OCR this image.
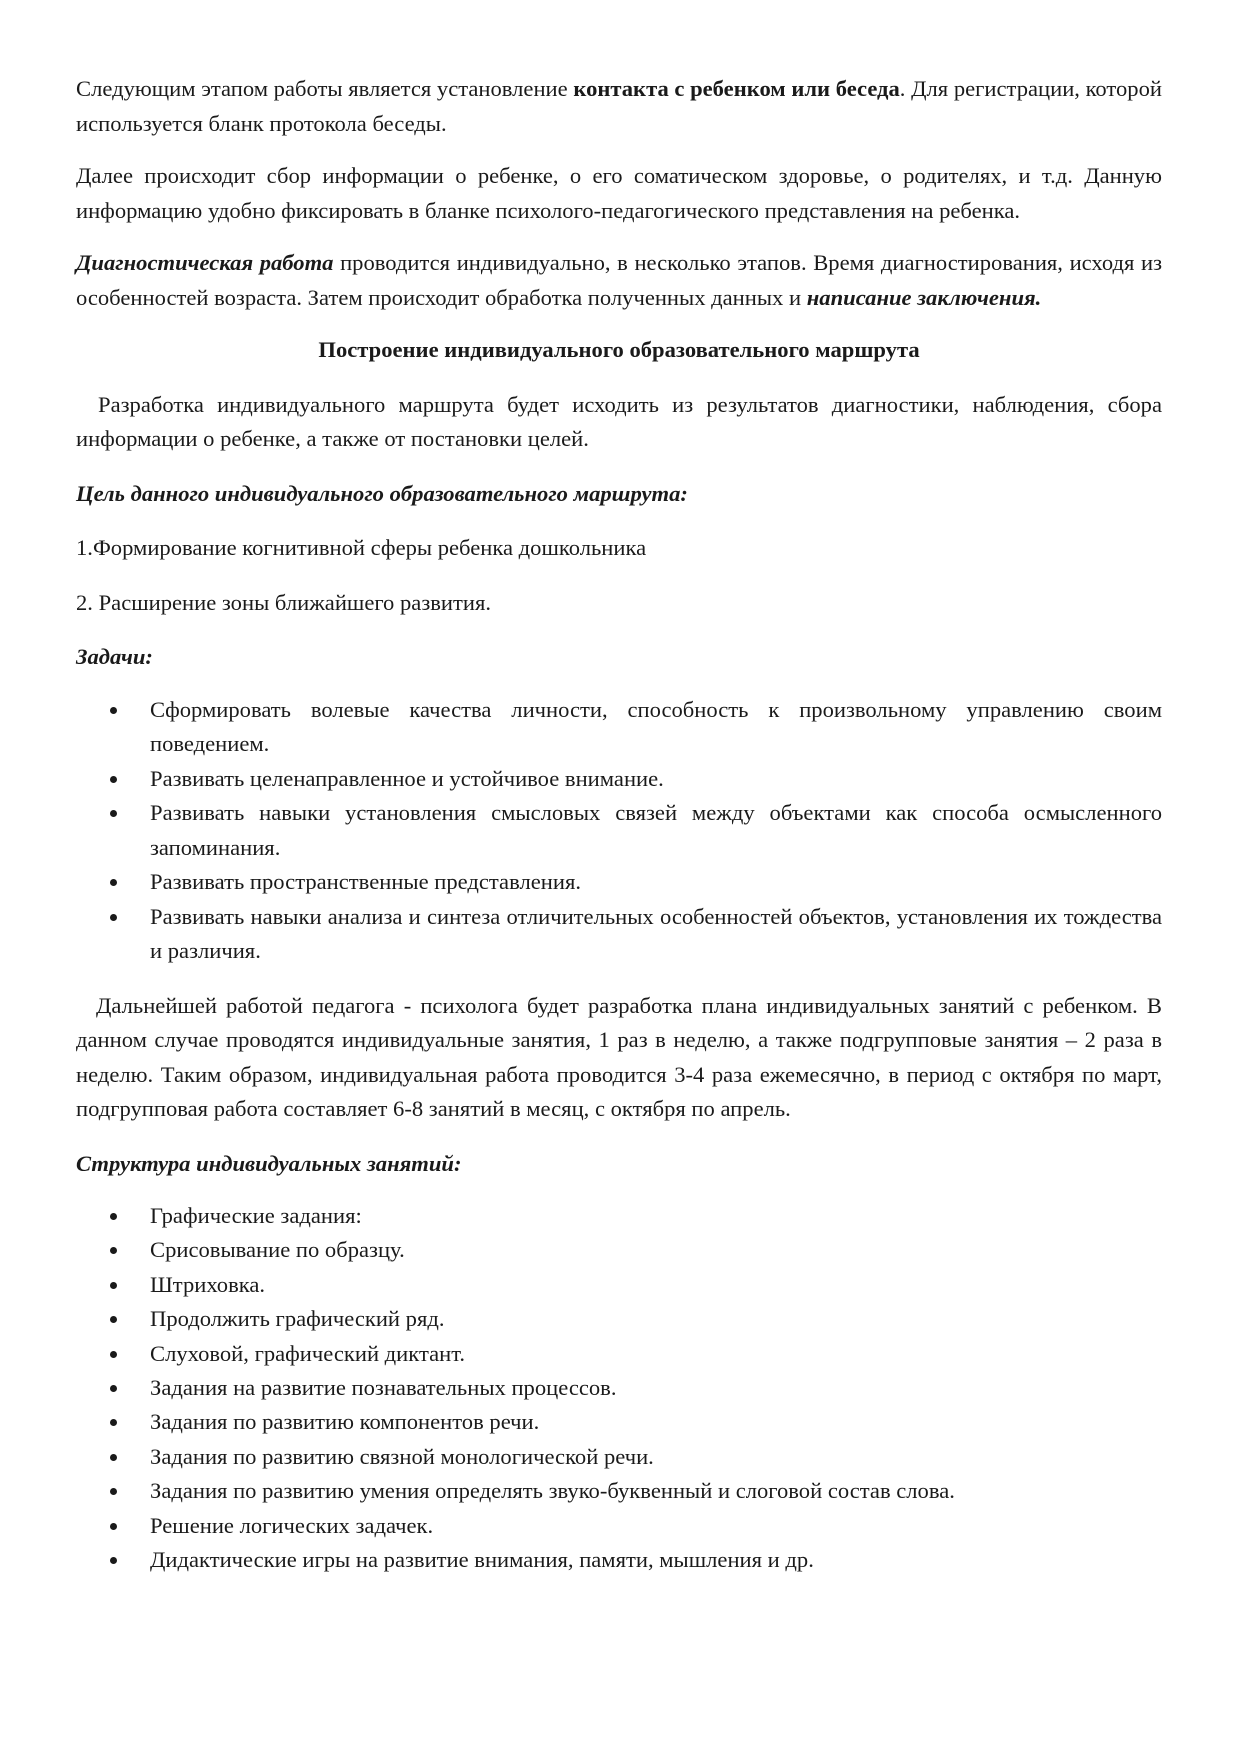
Следующим этапом работы является установление контакта с ребенком или беседа. Для регистрации, которой используется бланк протокола беседы.

Далее происходит сбор информации о ребенке, о его соматическом здоровье, о родителях, и т.д. Данную информацию удобно фиксировать в бланке психолого-педагогического представления на ребенка.

Диагностическая работа проводится индивидуально, в несколько этапов. Время диагностирования, исходя из особенностей возраста. Затем происходит обработка полученных данных и написание заключения.

Построение индивидуального образовательного маршрута

Разработка индивидуального маршрута будет исходить из результатов диагностики, наблюдения, сбора информации о ребенке, а также от постановки целей.

Цель данного индивидуального образовательного маршрута:

1.Формирование когнитивной сферы ребенка дошкольника

2. Расширение зоны ближайшего развития.

Задачи:

Сформировать волевые качества личности, способность к произвольному управлению своим поведением.
Развивать целенаправленное и устойчивое внимание.
Развивать навыки установления смысловых связей между объектами как способа осмысленного запоминания.
Развивать пространственные представления.
Развивать навыки анализа и синтеза отличительных особенностей объектов, установления их тождества и различия.

Дальнейшей работой педагога - психолога будет разработка плана индивидуальных занятий с ребенком. В данном случае проводятся индивидуальные занятия, 1 раз в неделю, а также подгрупповые занятия – 2 раза в неделю. Таким образом, индивидуальная работа проводится 3-4 раза ежемесячно, в период с октября по март, подгрупповая работа составляет 6-8 занятий в месяц, с октября по апрель.

Структура индивидуальных занятий:

Графические задания:
Срисовывание по образцу.
Штриховка.
Продолжить графический ряд.
Слуховой, графический диктант.
Задания на развитие познавательных процессов.
Задания по развитию компонентов речи.
Задания по развитию связной монологической речи.
Задания по развитию умения определять звуко-буквенный и слоговой состав слова.
Решение логических задачек.
Дидактические игры на развитие внимания, памяти, мышления и др.
